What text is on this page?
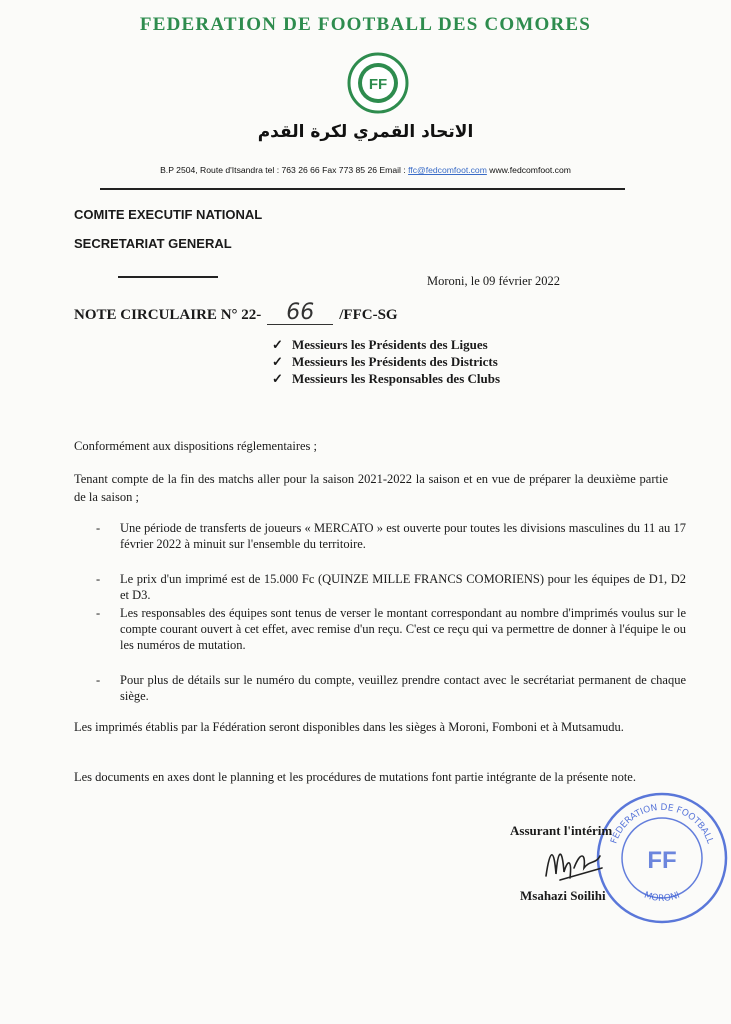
FEDERATION DE FOOTBALL DES COMORES
FF
الاتحاد القمري لكرة القدم
B.P 2504, Route d'Itsandra tel : 763 26 66 Fax 773 85 26 Email : ffc@fedcomfoot.com www.fedcomfoot.com
COMITE EXECUTIF NATIONAL
SECRETARIAT GENERAL
Moroni, le 09 février 2022
NOTE CIRCULAIRE N° 22- 66 /FFC-SG
✓ Messieurs les Présidents des Ligues
✓ Messieurs les Présidents des Districts
✓ Messieurs les Responsables des Clubs
Conformément aux dispositions réglementaires ;
Tenant compte de la fin des matchs aller pour la saison 2021-2022 la saison et en vue de préparer la deuxième partie de la saison ;
- Une période de transferts de joueurs « MERCATO » est ouverte pour toutes les divisions masculines du 11 au 17 février 2022 à minuit sur l'ensemble du territoire.
- Le prix d'un imprimé est de 15.000 Fc (QUINZE MILLE FRANCS COMORIENS) pour les équipes de D1, D2 et D3.
- Les responsables des équipes sont tenus de verser le montant correspondant au nombre d'imprimés voulus sur le compte courant ouvert à cet effet, avec remise d'un reçu. C'est ce reçu qui va permettre de donner à l'équipe le ou les numéros de mutation.
- Pour plus de détails sur le numéro du compte, veuillez prendre contact avec le secrétariat permanent de chaque siège.
Les imprimés établis par la Fédération seront disponibles dans les sièges à Moroni, Fomboni et à Mutsamudu.
Les documents en axes dont le planning et les procédures de mutations font partie intégrante de la présente note.
FEDERATION DE FOOTBALL
MORONI
FF
Assurant l'intérim
Msahazi Soilihi
